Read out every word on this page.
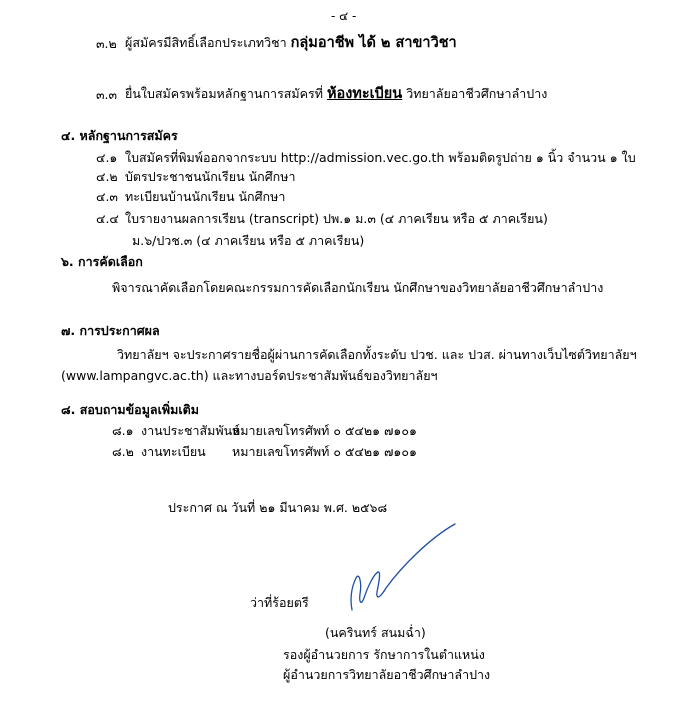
- ๔ -
๓.๒ ผู้สมัครมีสิทธิ์เลือกประเภทวิชา กลุ่มอาชีพ ได้ ๒ สาขาวิชา
๓.๓ ยื่นใบสมัครพร้อมหลักฐานการสมัครที่ ห้องทะเบียน วิทยาลัยอาชีวศึกษาลำปาง
๔. หลักฐานการสมัคร
๔.๑ ใบสมัครที่พิมพ์ออกจากระบบ http://admission.vec.go.th พร้อมติดรูปถ่าย ๑ นิ้ว จำนวน ๑ ใบ
๔.๒ บัตรประชาชนนักเรียน นักศึกษา
๔.๓ ทะเบียนบ้านนักเรียน นักศึกษา
๔.๔ ใบรายงานผลการเรียน (transcript) ปพ.๑ ม.๓ (๔ ภาคเรียน หรือ ๕ ภาคเรียน)
ม.๖/ปวช.๓ (๔ ภาคเรียน หรือ ๕ ภาคเรียน)
๖. การคัดเลือก
พิจารณาคัดเลือกโดยคณะกรรมการคัดเลือกนักเรียน นักศึกษาของวิทยาลัยอาชีวศึกษาลำปาง
๗. การประกาศผล
วิทยาลัยฯ จะประกาศรายชื่อผู้ผ่านการคัดเลือกทั้งระดับ ปวช. และ ปวส. ผ่านทางเว็บไซต์วิทยาลัยฯ
(www.lampangvc.ac.th) และทางบอร์ดประชาสัมพันธ์ของวิทยาลัยฯ
๘. สอบถามข้อมูลเพิ่มเติม
๘.๑ งานประชาสัมพันธ์
หมายเลขโทรศัพท์ ๐ ๕๔๒๑ ๗๑๐๑
๘.๒ งานทะเบียน หมายเลขโทรศัพท์ ๐ ๕๔๒๑ ๗๑๐๑
ประกาศ ณ วันที่ ๒๑ มีนาคม พ.ศ. ๒๕๖๘
ว่าที่ร้อยตรี
(นครินทร์ สนมฉ่ำ)
รองผู้อำนวยการ รักษาการในตำแหน่ง
ผู้อำนวยการวิทยาลัยอาชีวศึกษาลำปาง
